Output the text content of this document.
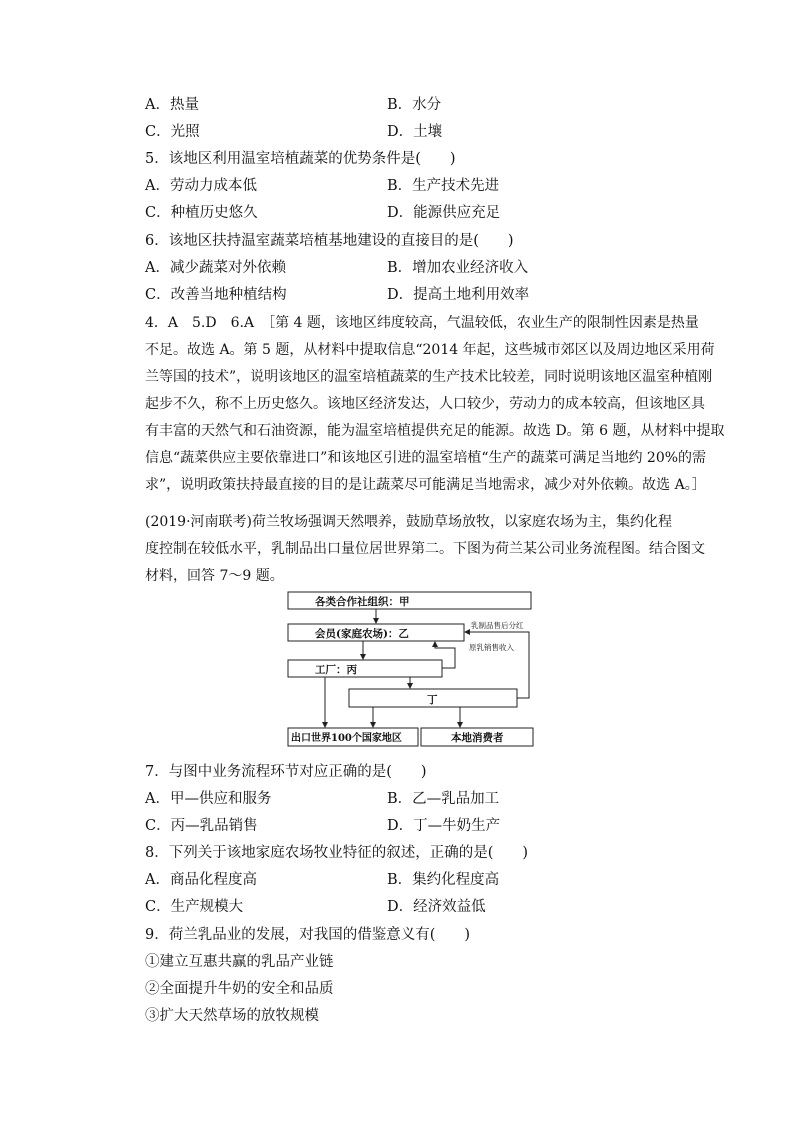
A．热量	B．水分
C．光照	D．土壤
5．该地区利用温室培植蔬菜的优势条件是(　　)
A．劳动力成本低	B．生产技术先进
C．种植历史悠久	D．能源供应充足
6．该地区扶持温室蔬菜培植基地建设的直接目的是(　　)
A．减少蔬菜对外依赖	B．增加农业经济收入
C．改善当地种植结构	D．提高土地利用效率
4．A　5.D　6.A　［第 4 题，该地区纬度较高，气温较低，农业生产的限制性因素是热量
不足。故选 A。第 5 题，从材料中提取信息“2014 年起，这些城市郊区以及周边地区采用荷
兰等国的技术”，说明该地区的温室培植蔬菜的生产技术比较差，同时说明该地区温室种植刚
起步不久，称不上历史悠久。该地区经济发达，人口较少，劳动力的成本较高，但该地区具
有丰富的天然气和石油资源，能为温室培植提供充足的能源。故选 D。第 6 题，从材料中提取
信息“蔬菜供应主要依靠进口”和该地区引进的温室培植“生产的蔬菜可满足当地约 20%的需
求”，说明政策扶持最直接的目的是让蔬菜尽可能满足当地需求，减少对外依赖。故选 A。］
(2019·河南联考)荷兰牧场强调天然喂养，鼓励草场放牧，以家庭农场为主，集约化程
度控制在较低水平，乳制品出口量位居世界第二。下图为荷兰某公司业务流程图。结合图文
材料，回答 7～9 题。
各类合作社组织：甲
会员(家庭农场)：乙
工厂：丙
丁
出口世界100个国家地区	本地消费者
乳制品售后分红
原乳销售收入
7．与图中业务流程环节对应正确的是(　　)
A．甲—供应和服务	B．乙—乳品加工
C．丙—乳品销售	D．丁—牛奶生产
8．下列关于该地家庭农场牧业特征的叙述，正确的是(　　)
A．商品化程度高	B．集约化程度高
C．生产规模大	D．经济效益低
9．荷兰乳品业的发展，对我国的借鉴意义有(　　)
①建立互惠共赢的乳品产业链
②全面提升牛奶的安全和品质
③扩大天然草场的放牧规模
